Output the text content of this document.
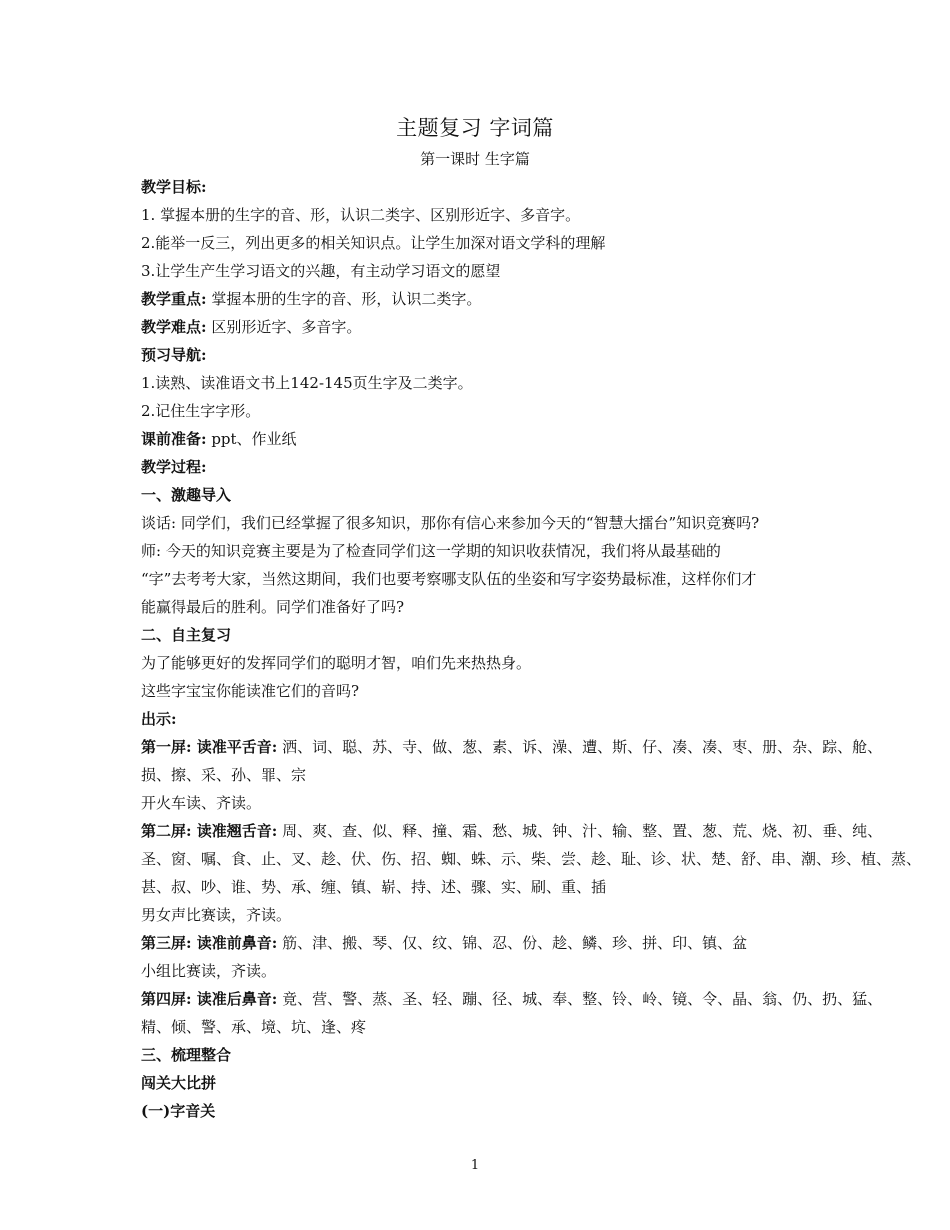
主题复习 字词篇
第一课时 生字篇
教学目标:
1. 掌握本册的生字的音、形，认识二类字、区别形近字、多音字。
2.能举一反三，列出更多的相关知识点。让学生加深对语文学科的理解
3.让学生产生学习语文的兴趣，有主动学习语文的愿望
教学重点: 掌握本册的生字的音、形，认识二类字。
教学难点: 区别形近字、多音字。
预习导航:
1.读熟、读准语文书上142-145页生字及二类字。
2.记住生字字形。
课前准备: ppt、作业纸
教学过程:
一、激趣导入
谈话: 同学们，我们已经掌握了很多知识，那你有信心来参加今天的“智慧大擂台”知识竞赛吗?
师: 今天的知识竞赛主要是为了检查同学们这一学期的知识收获情况，我们将从最基础的
“字”去考考大家，当然这期间，我们也要考察哪支队伍的坐姿和写字姿势最标准，这样你们才
能赢得最后的胜利。同学们准备好了吗?
二、自主复习
为了能够更好的发挥同学们的聪明才智，咱们先来热热身。
这些字宝宝你能读准它们的音吗?
出示:
第一屏: 读准平舌音: 洒、词、聪、苏、寺、做、葱、素、诉、澡、遭、斯、仔、凑、凑、枣、册、杂、踪、舱、
损、擦、采、孙、罪、宗
开火车读、齐读。
第二屏: 读准翘舌音: 周、爽、查、似、释、撞、霜、愁、城、钟、汁、输、整、置、葱、荒、烧、初、垂、纯、
圣、窗、嘱、食、止、叉、趁、伏、伤、招、蜘、蛛、示、柴、尝、趁、耻、诊、状、楚、舒、串、潮、珍、植、蒸、
甚、叔、吵、谁、势、承、缠、镇、崭、持、述、骤、实、刷、重、插
男女声比赛读，齐读。
第三屏: 读准前鼻音: 筋、津、搬、琴、仅、纹、锦、忍、份、趁、鳞、珍、拼、印、镇、盆
小组比赛读，齐读。
第四屏: 读准后鼻音: 竟、营、警、蒸、圣、轻、蹦、径、城、奉、整、铃、岭、镜、令、晶、翁、仍、扔、猛、
精、倾、警、承、境、坑、逢、疼
三、梳理整合
闯关大比拼
(一)字音关
1
